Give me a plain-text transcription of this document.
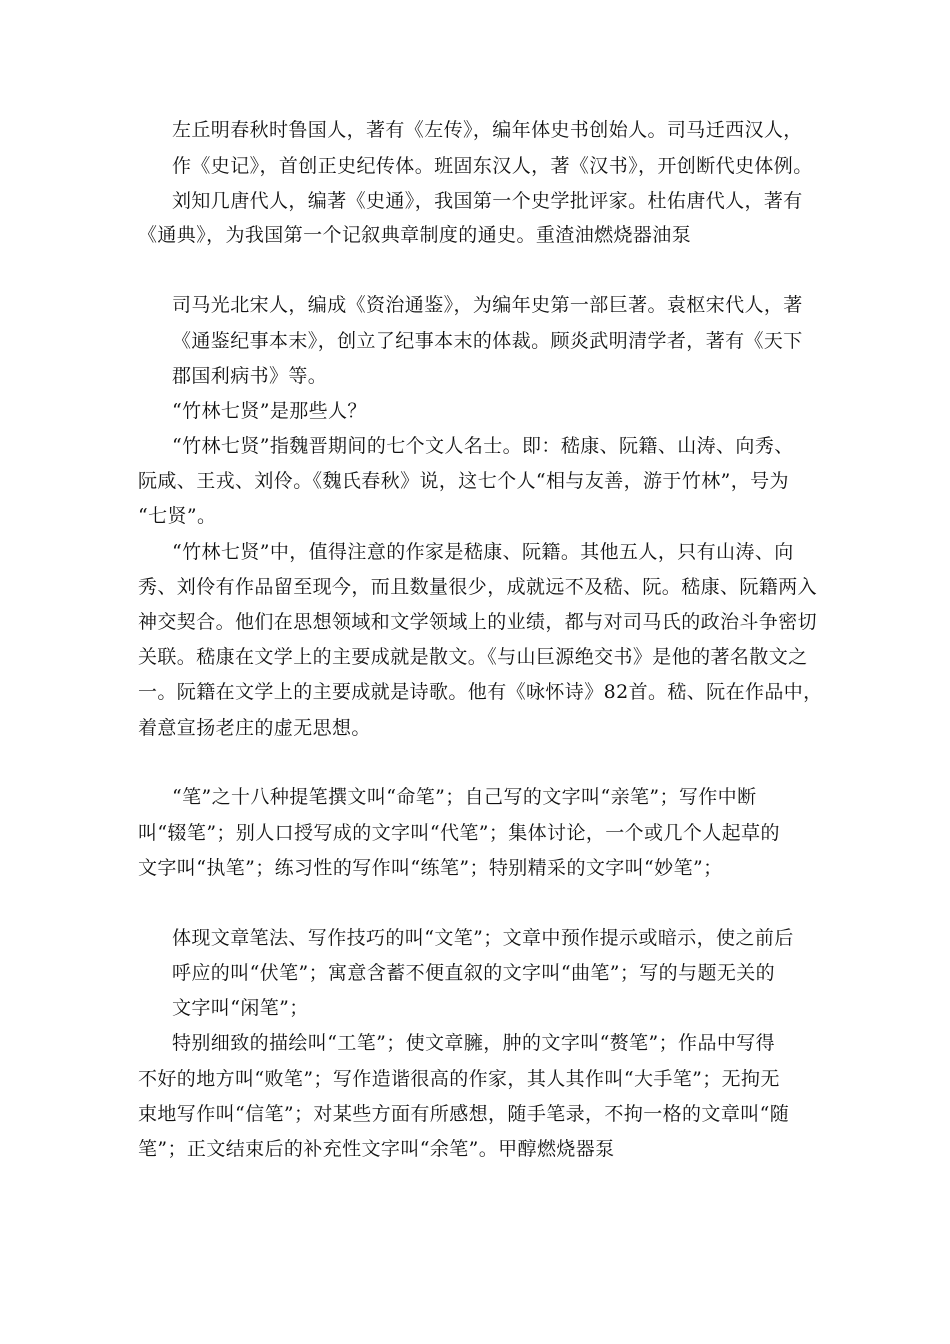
左丘明春秋时鲁国人，著有《左传》，编年体史书创始人。司马迁西汉人，
作《史记》，首创正史纪传体。班固东汉人，著《汉书》，开创断代史体例。
刘知几唐代人，编著《史通》，我国第一个史学批评家。杜佑唐代人，著有
《通典》，为我国第一个记叙典章制度的通史。重渣油燃烧器油泵
司马光北宋人，编成《资治通鉴》，为编年史第一部巨著。袁枢宋代人，著
《通鉴纪事本末》，创立了纪事本末的体裁。顾炎武明清学者，著有《天下
郡国利病书》等。
“竹林七贤”是那些人？
“竹林七贤”指魏晋期间的七个文人名士。即：嵇康、阮籍、山涛、向秀、
阮咸、王戎、刘伶。《魏氏春秋》说，这七个人“相与友善，游于竹林”，号为
“七贤”。
“竹林七贤”中，值得注意的作家是嵇康、阮籍。其他五人，只有山涛、向
秀、刘伶有作品留至现今，而且数量很少，成就远不及嵇、阮。嵇康、阮籍两入
神交契合。他们在思想领域和文学领域上的业绩，都与对司马氏的政治斗争密切
关联。嵇康在文学上的主要成就是散文。《与山巨源绝交书》是他的著名散文之
一。阮籍在文学上的主要成就是诗歌。他有《咏怀诗》82首。嵇、阮在作品中，
着意宣扬老庄的虚无思想。
“笔”之十八种提笔撰文叫“命笔”；自己写的文字叫“亲笔”；写作中断
叫“辍笔”；别人口授写成的文字叫“代笔”；集体讨论，一个或几个人起草的
文字叫“执笔”；练习性的写作叫“练笔”；特别精采的文字叫“妙笔”；
体现文章笔法、写作技巧的叫“文笔”；文章中预作提示或暗示，使之前后
呼应的叫“伏笔”；寓意含蓄不便直叙的文字叫“曲笔”；写的与题无关的
文字叫“闲笔”；
特别细致的描绘叫“工笔”；使文章臃，肿的文字叫“赘笔”；作品中写得
不好的地方叫“败笔”；写作造谐很高的作家，其人其作叫“大手笔”；无拘无
束地写作叫“信笔”；对某些方面有所感想，随手笔录，不拘一格的文章叫“随
笔”；正文结束后的补充性文字叫“余笔”。甲醇燃烧器泵
